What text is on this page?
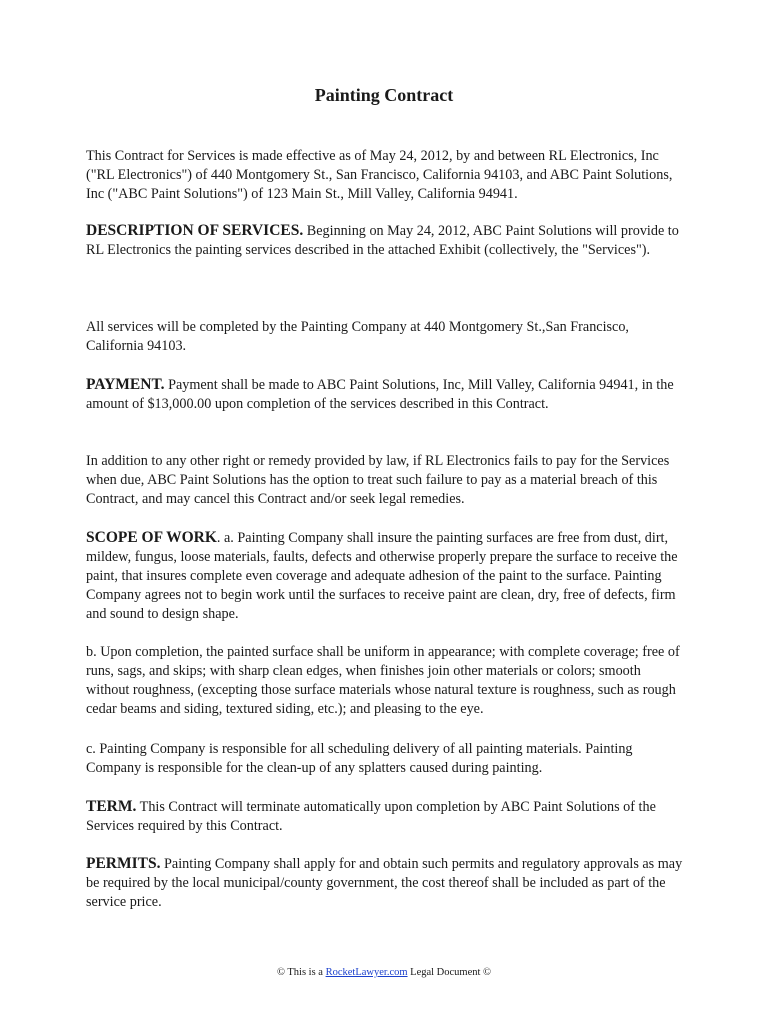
Painting Contract

This Contract for Services is made effective as of May 24, 2012, by and between RL Electronics, Inc ("RL Electronics") of 440 Montgomery St., San Francisco, California 94103, and ABC Paint Solutions, Inc ("ABC Paint Solutions") of 123 Main St., Mill Valley, California 94941.

DESCRIPTION OF SERVICES. Beginning on May 24, 2012, ABC Paint Solutions will provide to RL Electronics the painting services described in the attached Exhibit (collectively, the "Services").

All services will be completed by the Painting Company at 440 Montgomery St.,San Francisco, California 94103.

PAYMENT. Payment shall be made to ABC Paint Solutions, Inc, Mill Valley, California 94941, in the amount of $13,000.00 upon completion of the services described in this Contract.

In addition to any other right or remedy provided by law, if RL Electronics fails to pay for the Services when due, ABC Paint Solutions has the option to treat such failure to pay as a material breach of this Contract, and may cancel this Contract and/or seek legal remedies.

SCOPE OF WORK. a. Painting Company shall insure the painting surfaces are free from dust, dirt, mildew, fungus, loose materials, faults, defects and otherwise properly prepare the surface to receive the paint, that insures complete even coverage and adequate adhesion of the paint to the surface. Painting Company agrees not to begin work until the surfaces to receive paint are clean, dry, free of defects, firm and sound to design shape.

b. Upon completion, the painted surface shall be uniform in appearance; with complete coverage; free of runs, sags, and skips; with sharp clean edges, when finishes join other materials or colors; smooth without roughness, (excepting those surface materials whose natural texture is roughness, such as rough cedar beams and siding, textured siding, etc.); and pleasing to the eye.

c. Painting Company is responsible for all scheduling delivery of all painting materials. Painting Company is responsible for the clean-up of any splatters caused during painting.

TERM. This Contract will terminate automatically upon completion by ABC Paint Solutions of the Services required by this Contract.

PERMITS. Painting Company shall apply for and obtain such permits and regulatory approvals as may be required by the local municipal/county government, the cost thereof shall be included as part of the service price.

© This is a RocketLawyer.com Legal Document ©
